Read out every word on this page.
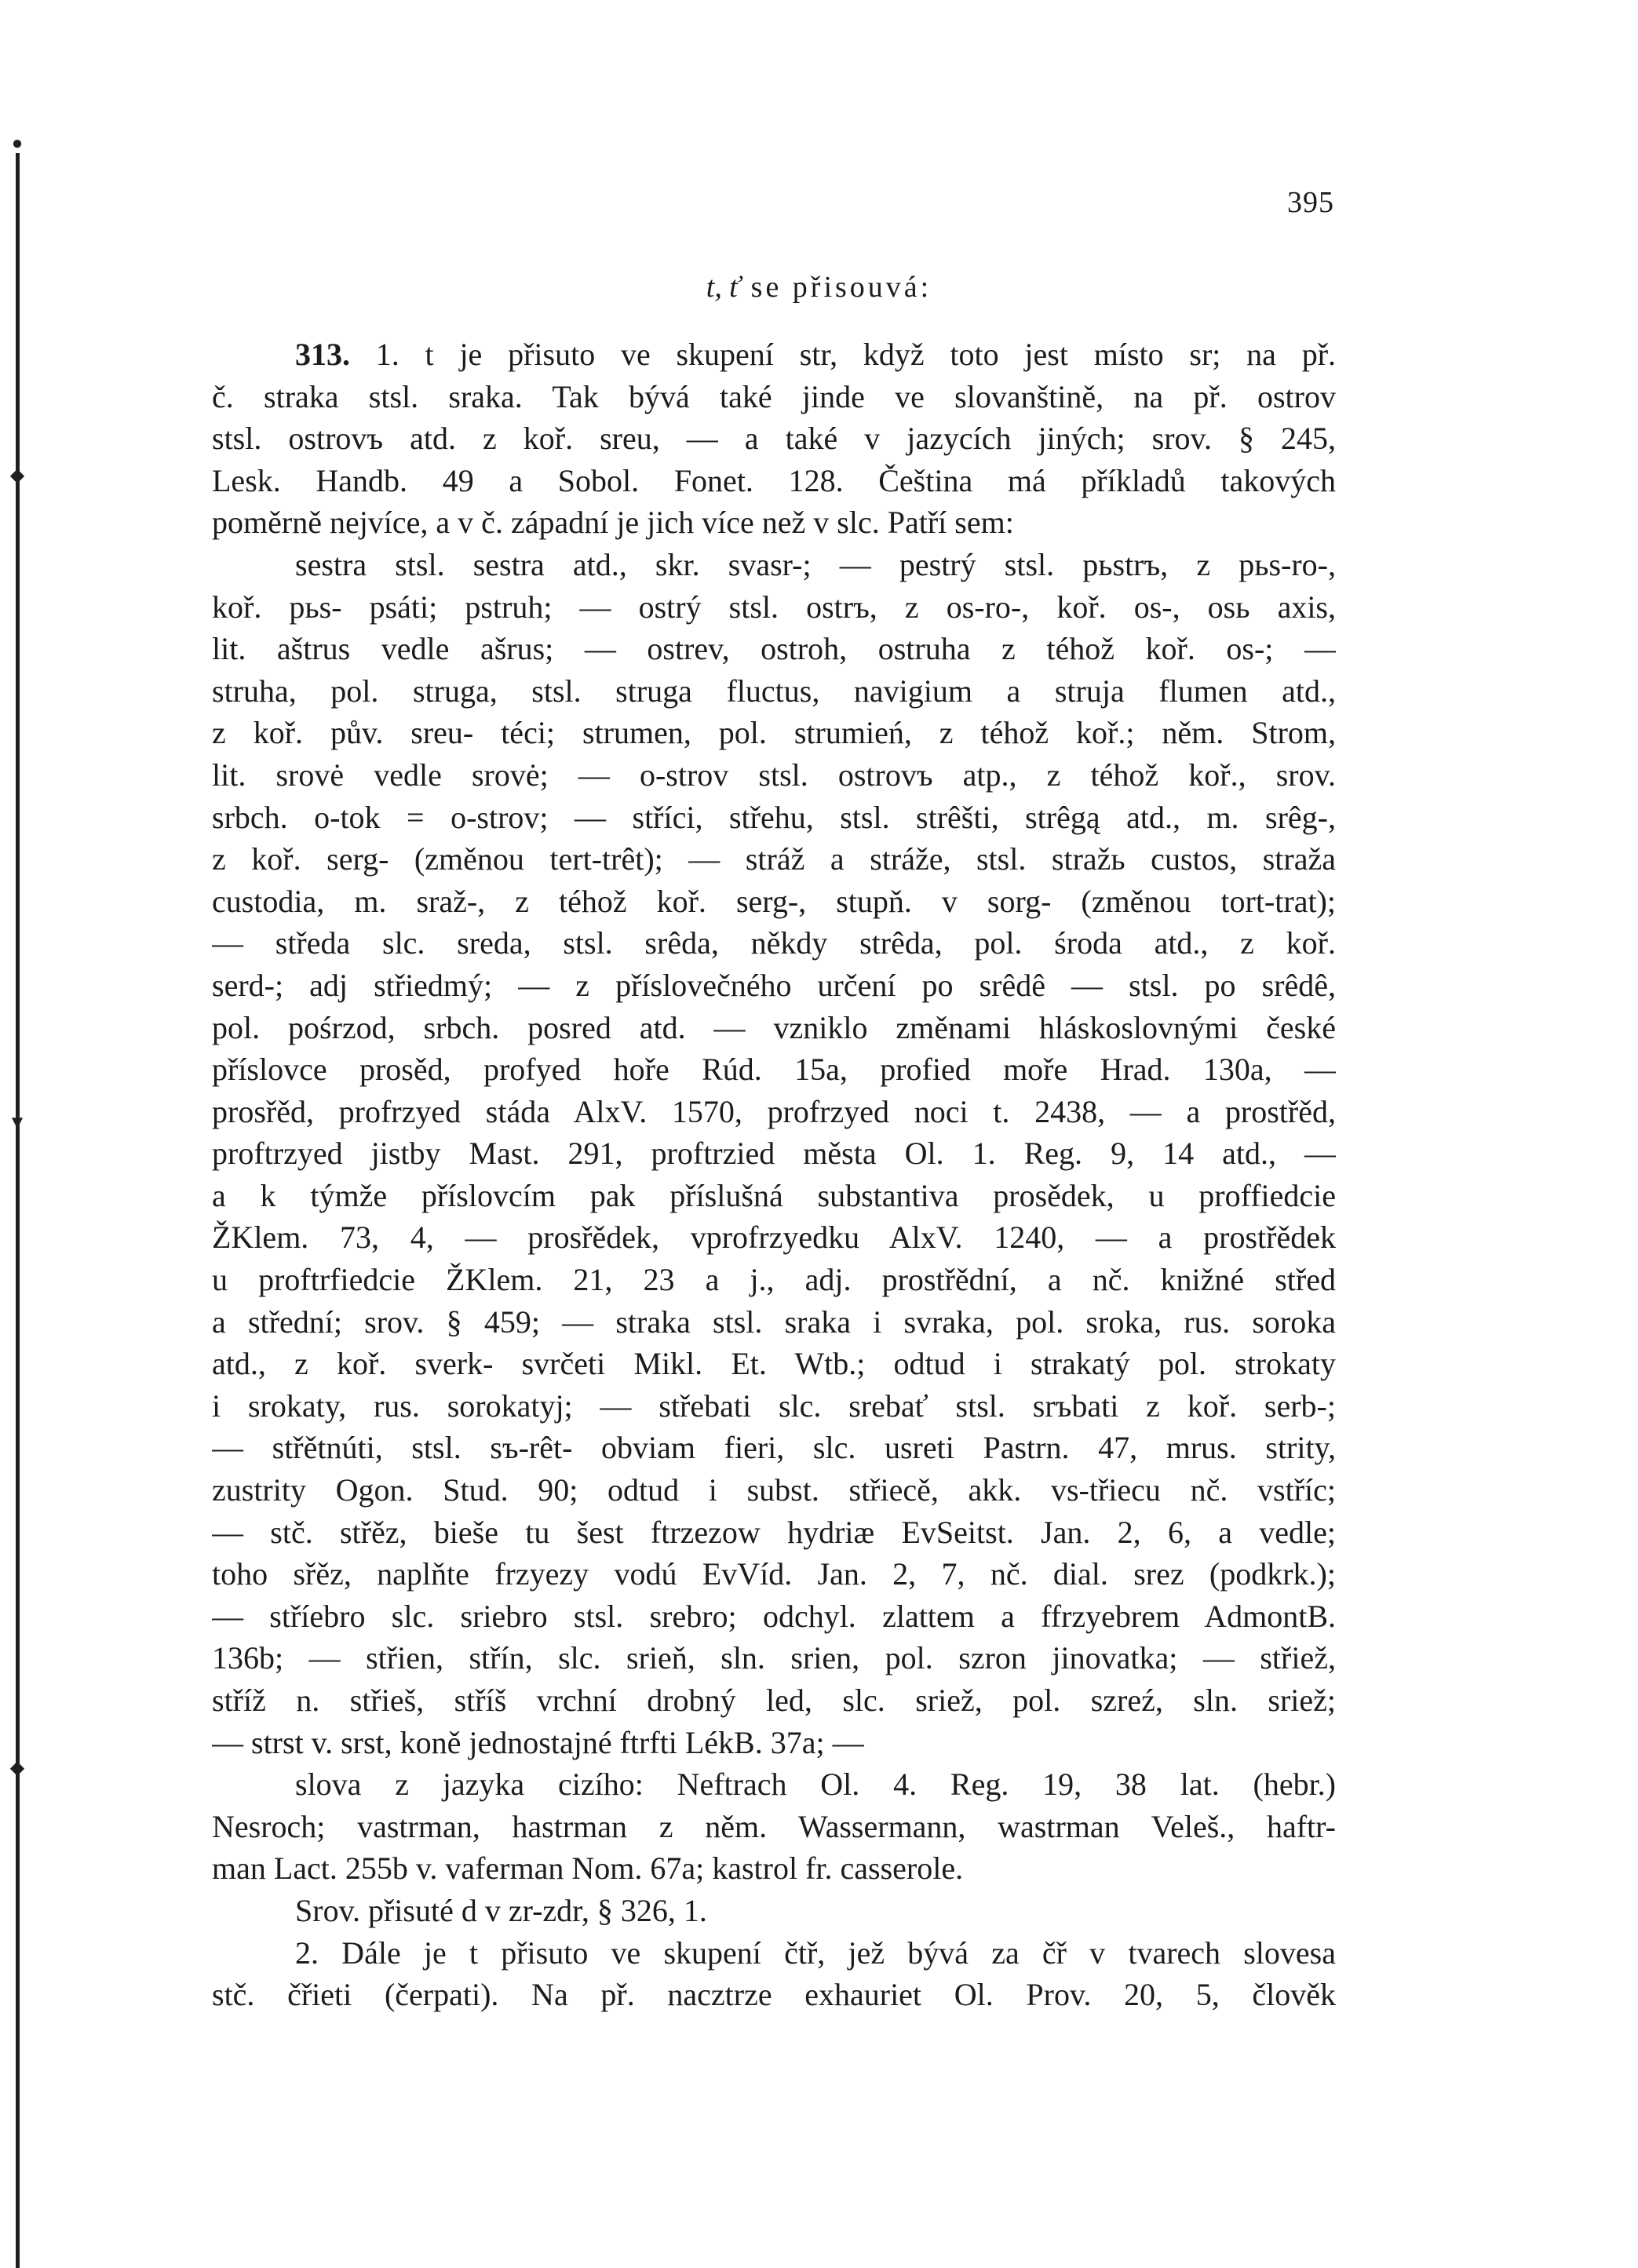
●
◆
▼
◆
395
t, ť se přisouvá:
313. 1. t je přisuto ve skupení str, když toto jest místo sr; na př.
č. straka stsl. sraka. Tak bývá také jinde ve slovanštině, na př. ostrov
stsl. ostrovъ atd. z koř. sreu, — a také v jazycích jiných; srov. § 245,
Lesk. Handb. 49 a Sobol. Fonet. 128. Čeština má příkladů takových
poměrně nejvíce, a v č. západní je jich více než v slc. Patří sem:
sestra stsl. sestra atd., skr. svasr-; — pestrý stsl. pьstrъ, z pьs-ro-,
koř. pьs- psáti; pstruh; — ostrý stsl. ostrъ, z os-ro-, koř. os-, osь axis,
lit. aštrus vedle ašrus; — ostrev, ostroh, ostruha z téhož koř. os-; —
struha, pol. struga, stsl. struga fluctus, navigium a struja flumen atd.,
z koř. pův. sreu- téci; strumen, pol. strumień, z téhož koř.; něm. Strom,
lit. srovė vedle srovė; — o-strov stsl. ostrovъ atp., z téhož koř., srov.
srbch. o-tok = o-strov; — stříci, střehu, stsl. strêšti, strêgą atd., m. srêg-,
z koř. serg- (změnou tert-trêt); — stráž a stráže, stsl. stražь custos, straža
custodia, m. sraž-, z téhož koř. serg-, stupň. v sorg- (změnou tort-trat);
— středa slc. sreda, stsl. srêda, někdy strêda, pol. środa atd., z koř.
serd-; adj střiedmý; — z příslovečného určení po srêdê — stsl. po srêdê,
pol. pośrzod, srbch. posred atd. — vzniklo změnami hláskoslovnými české
příslovce prosěd, profyed hoře Rúd. 15a, profied moře Hrad. 130a, —
prosřěd, profrzyed stáda AlxV. 1570, profrzyed noci t. 2438, — a prostřěd,
proftrzyed jistby Mast. 291, proftrzied města Ol. 1. Reg. 9, 14 atd., —
a k týmže příslovcím pak příslušná substantiva prosědek, u proffiedcie
ŽKlem. 73, 4, — prosřědek, vprofrzyedku AlxV. 1240, — a prostřědek
u proftrfiedcie ŽKlem. 21, 23 a j., adj. prostřědní, a nč. knižné střed
a střední; srov. § 459; — straka stsl. sraka i svraka, pol. sroka, rus. soroka
atd., z koř. sverk- svrčeti Mikl. Et. Wtb.; odtud i strakatý pol. strokaty
i srokaty, rus. sorokatyj; — střebati slc. srebať stsl. srъbati z koř. serb-;
— střětnúti, stsl. sъ-rêt- obviam fieri, slc. usreti Pastrn. 47, mrus. strity,
zustrity Ogon. Stud. 90; odtud i subst. střiecě, akk. vs-třiecu nč. vstříc;
— stč. střěz, bieše tu šest ftrzezow hydriæ EvSeitst. Jan. 2, 6, a vedle;
toho sřěz, naplňte frzyezy vodú EvVíd. Jan. 2, 7, nč. dial. srez (podkrk.);
— stříebro slc. sriebro stsl. srebro; odchyl. zlattem a ffrzyebrem AdmontB.
136b; — střien, střín, slc. srieň, sln. srien, pol. szron jinovatka; — střiež,
stříž n. střieš, stříš vrchní drobný led, slc. sriež, pol. szreź, sln. sriež;
— strst v. srst, koně jednostajné ftrfti LékB. 37a; —
slova z jazyka cizího: Neftrach Ol. 4. Reg. 19, 38 lat. (hebr.)
Nesroch; vastrman, hastrman z něm. Wassermann, wastrman Veleš., haftr-
man Lact. 255b v. vaferman Nom. 67a; kastrol fr. casserole.
Srov. přisuté d v zr-zdr, § 326, 1.
2. Dále je t přisuto ve skupení čtř, jež bývá za čř v tvarech slovesa
stč. čřieti (čerpati). Na př. nacztrze exhauriet Ol. Prov. 20, 5, člověk
